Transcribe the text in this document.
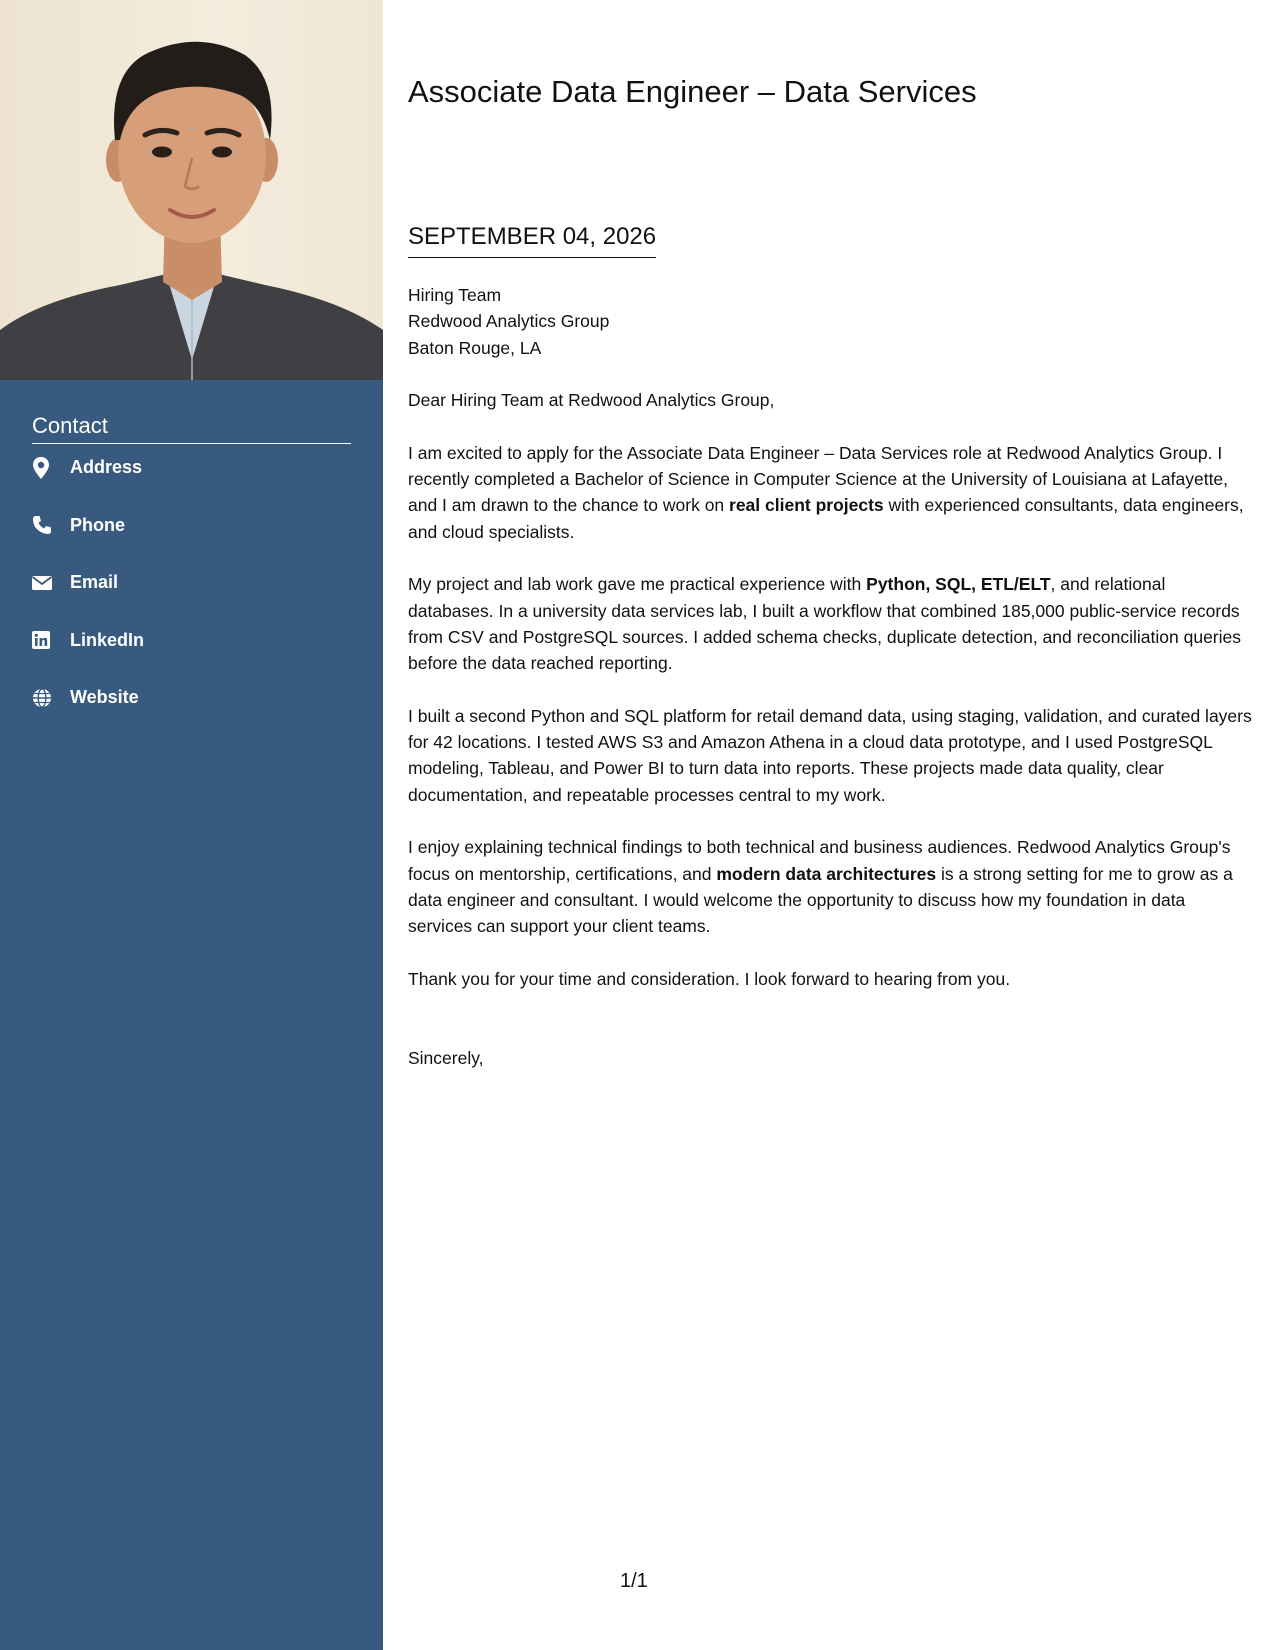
Contact
Address
Phone
Email
LinkedIn
Website
Associate Data Engineer – Data Services
SEPTEMBER 04, 2026

Hiring Team

Redwood Analytics Group

Baton Rouge, LA

Dear Hiring Team at Redwood Analytics Group,

I am excited to apply for the Associate Data Engineer – Data Services role at Redwood Analytics Group. I recently completed a Bachelor of Science in Computer Science at the University of Louisiana at Lafayette, and I am drawn to the chance to work on real client projects with experienced consultants, data engineers, and cloud specialists.

My project and lab work gave me practical experience with Python, SQL, ETL/ELT, and relational databases. In a university data services lab, I built a workflow that combined 185,000 public-service records from CSV and PostgreSQL sources. I added schema checks, duplicate detection, and reconciliation queries before the data reached reporting.

I built a second Python and SQL platform for retail demand data, using staging, validation, and curated layers for 42 locations. I tested AWS S3 and Amazon Athena in a cloud data prototype, and I used PostgreSQL modeling, Tableau, and Power BI to turn data into reports. These projects made data quality, clear documentation, and repeatable processes central to my work.

I enjoy explaining technical findings to both technical and business audiences. Redwood Analytics Group's focus on mentorship, certifications, and modern data architectures is a strong setting for me to grow as a data engineer and consultant. I would welcome the opportunity to discuss how my foundation in data services can support your client teams.

Thank you for your time and consideration. I look forward to hearing from you.

Sincerely,

1/1
